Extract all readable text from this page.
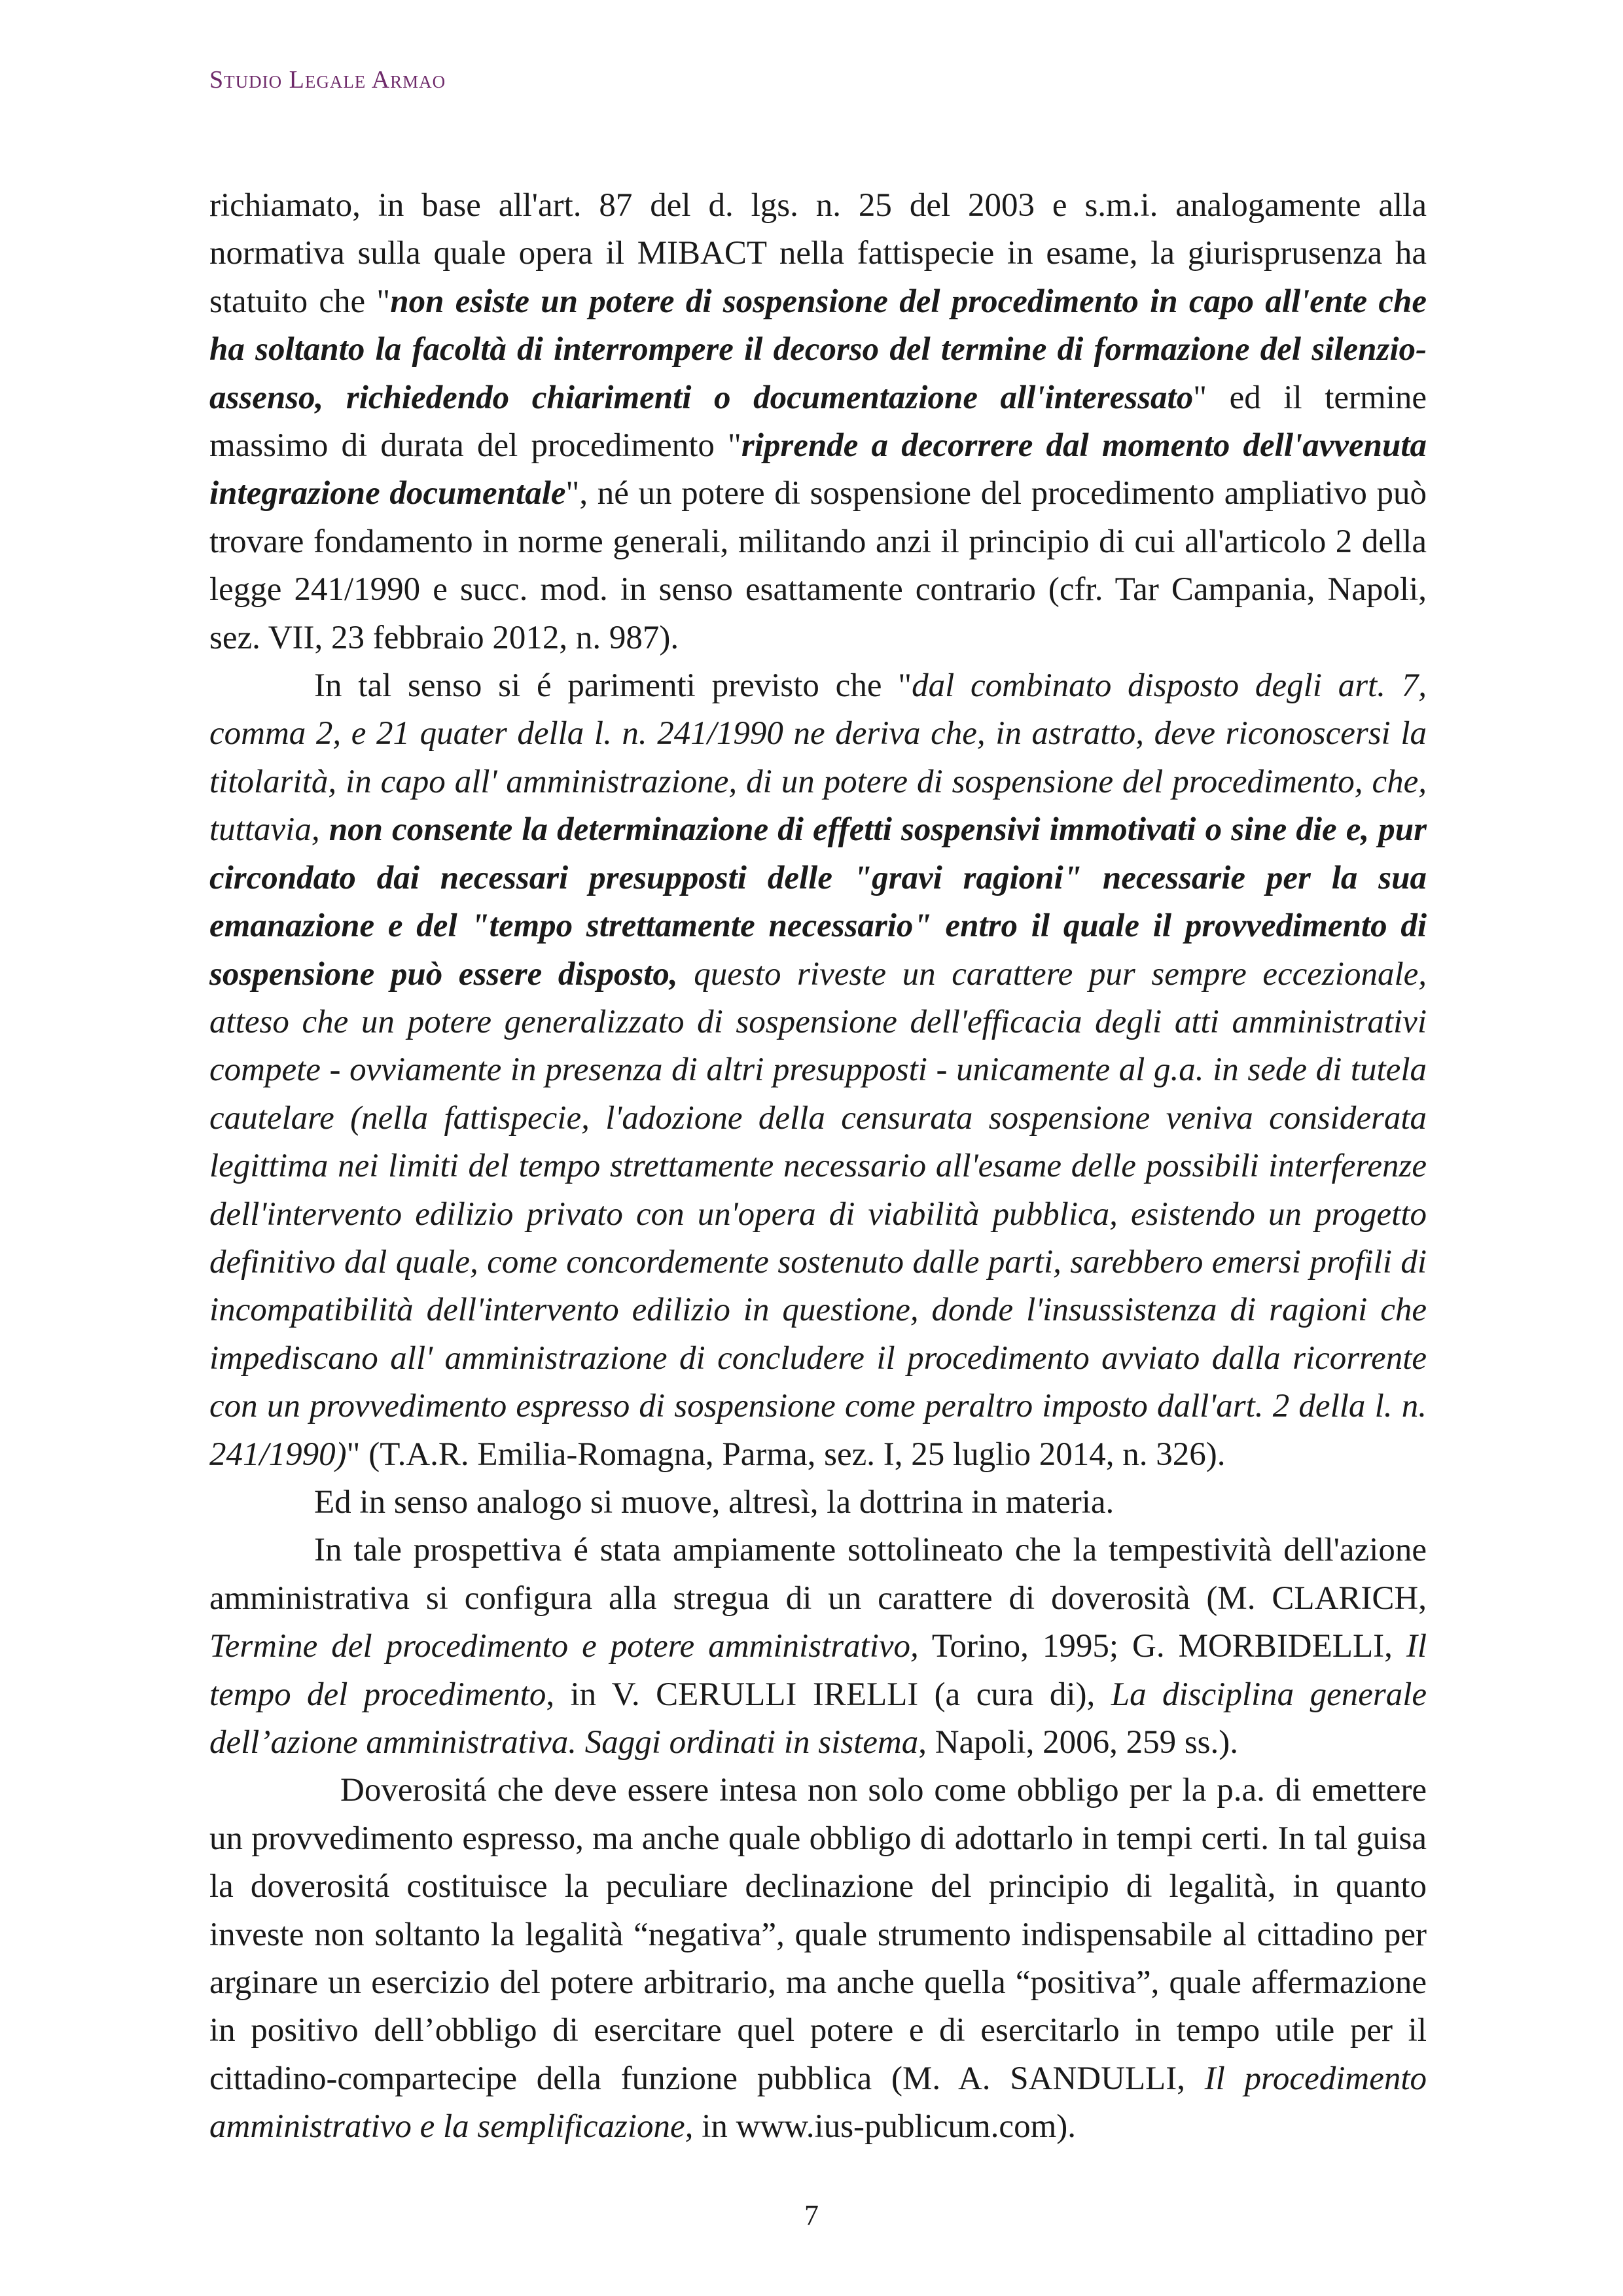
Studio Legale Armao

richiamato, in base all'art. 87 del d. lgs. n. 25 del 2003 e s.m.i. analogamente alla normativa sulla quale opera il MIBACT nella fattispecie in esame, la giurisprusenza ha statuito che "non esiste un potere di sospensione del procedimento in capo all'ente che ha soltanto la facoltà di interrompere il decorso del termine di formazione del silenzio-assenso, richiedendo chiarimenti o documentazione all'interessato" ed il termine massimo di durata del procedimento "riprende a decorrere dal momento dell'avvenuta integrazione documentale", né un potere di sospensione del procedimento ampliativo può trovare fondamento in norme generali, militando anzi il principio di cui all'articolo 2 della legge 241/1990 e succ. mod. in senso esattamente contrario (cfr. Tar Campania, Napoli, sez. VII, 23 febbraio 2012, n. 987).

In tal senso si é parimenti previsto che "dal combinato disposto degli art. 7, comma 2, e 21 quater della l. n. 241/1990 ne deriva che, in astratto, deve riconoscersi la titolarità, in capo all' amministrazione, di un potere di sospensione del procedimento, che, tuttavia, non consente la determinazione di effetti sospensivi immotivati o sine die e, pur circondato dai necessari presupposti delle "gravi ragioni" necessarie per la sua emanazione e del "tempo strettamente necessario" entro il quale il provvedimento di sospensione può essere disposto, questo riveste un carattere pur sempre eccezionale, atteso che un potere generalizzato di sospensione dell'efficacia degli atti amministrativi compete - ovviamente in presenza di altri presupposti - unicamente al g.a. in sede di tutela cautelare (nella fattispecie, l'adozione della censurata sospensione veniva considerata legittima nei limiti del tempo strettamente necessario all'esame delle possibili interferenze dell'intervento edilizio privato con un'opera di viabilità pubblica, esistendo un progetto definitivo dal quale, come concordemente sostenuto dalle parti, sarebbero emersi profili di incompatibilità dell'intervento edilizio in questione, donde l'insussistenza di ragioni che impediscano all' amministrazione di concludere il procedimento avviato dalla ricorrente con un provvedimento espresso di sospensione come peraltro imposto dall'art. 2 della l. n. 241/1990)" (T.A.R. Emilia-Romagna, Parma, sez. I, 25 luglio 2014, n. 326).

Ed in senso analogo si muove, altresì, la dottrina in materia.

In tale prospettiva é stata ampiamente sottolineato che la tempestività dell'azione amministrativa si configura alla stregua di un carattere di doverosità (M. CLARICH, Termine del procedimento e potere amministrativo, Torino, 1995; G. MORBIDELLI, Il tempo del procedimento, in V. CERULLI IRELLI (a cura di), La disciplina generale dell’azione amministrativa. Saggi ordinati in sistema, Napoli, 2006, 259 ss.).

Doverositá che deve essere intesa non solo come obbligo per la p.a. di emettere un provvedimento espresso, ma anche quale obbligo di adottarlo in tempi certi. In tal guisa la doverositá costituisce la peculiare declinazione del principio di legalità, in quanto investe non soltanto la legalità “negativa”, quale strumento indispensabile al cittadino per arginare un esercizio del potere arbitrario, ma anche quella “positiva”, quale affermazione in positivo dell’obbligo di esercitare quel potere e di esercitarlo in tempo utile per il cittadino-compartecipe della funzione pubblica (M. A. SANDULLI, Il procedimento amministrativo e la semplificazione, in www.ius-publicum.com).

7
